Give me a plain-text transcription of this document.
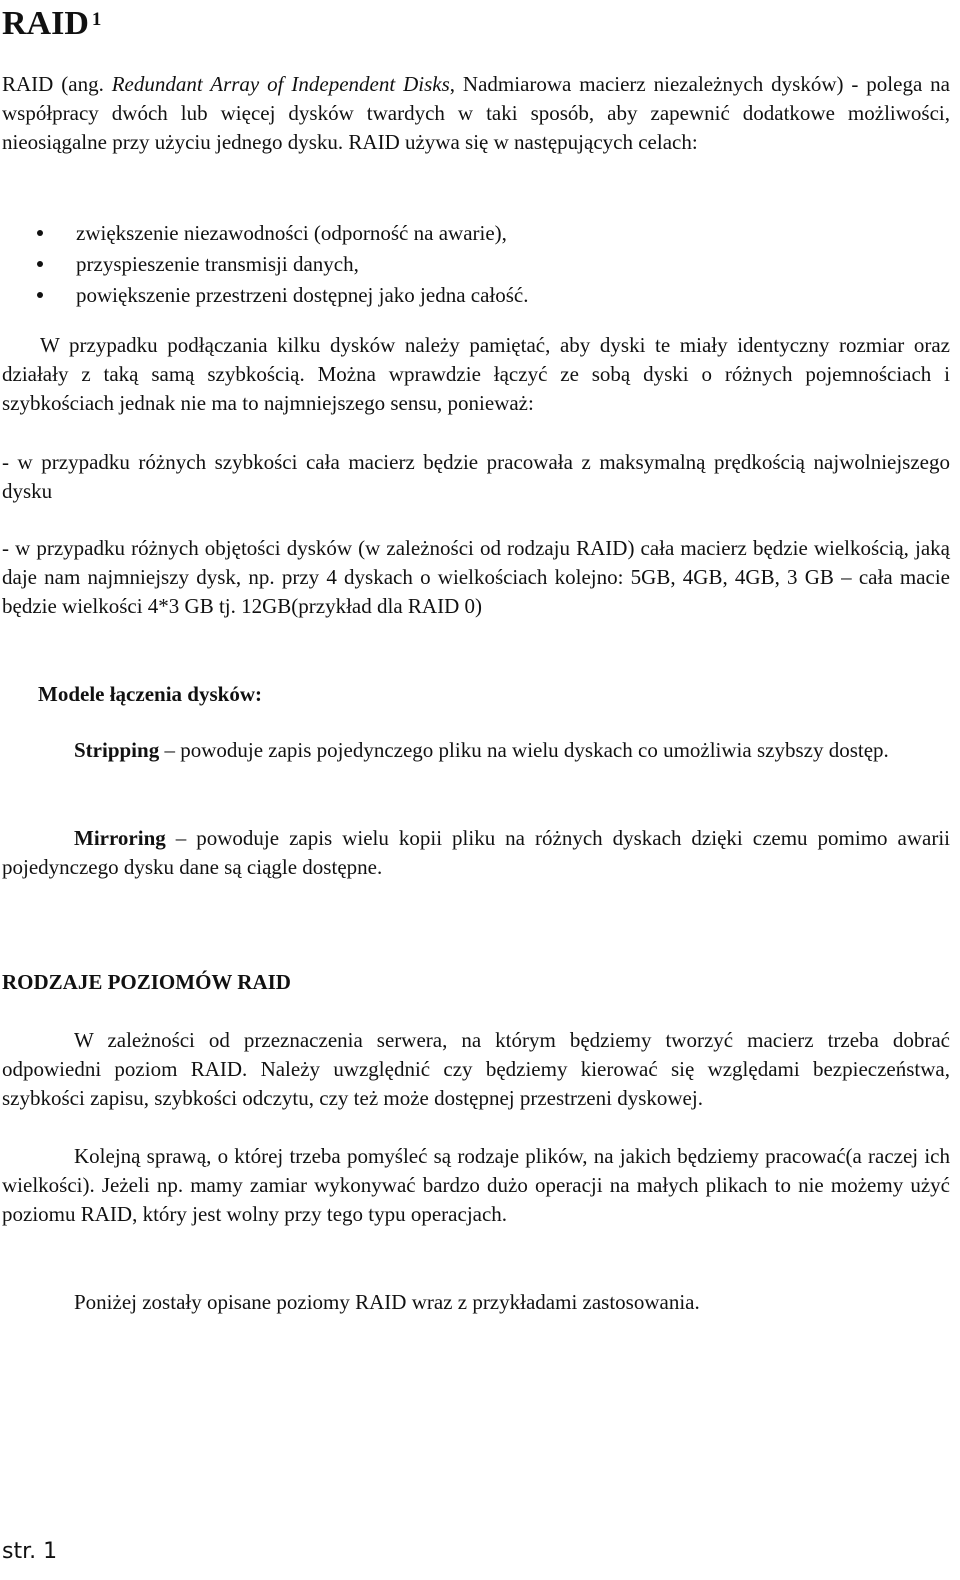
RAID $^1$

RAID (ang. Redundant Array of Independent Disks, Nadmiarowa macierz niezależnych dysków) - polega na współpracy dwóch lub więcej dysków twardych w taki sposób, aby zapewnić dodatkowe możliwości, nieosiągalne przy użyciu jednego dysku. RAID używa się w następujących celach:

zwiększenie niezawodności (odporność na awarie),
przyspieszenie transmisji danych,
powiększenie przestrzeni dostępnej jako jedna całość.

W przypadku podłączania kilku dysków należy pamiętać, aby dyski te miały identyczny rozmiar oraz działały z taką samą szybkością. Można wprawdzie łączyć ze sobą dyski o różnych pojemnościach i szybkościach jednak nie ma to najmniejszego sensu, ponieważ:

- w przypadku różnych szybkości cała macierz będzie pracowała z maksymalną prędkością najwolniejszego dysku

- w przypadku różnych objętości dysków (w zależności od rodzaju RAID) cała macierz będzie wielkością, jaką daje nam najmniejszy dysk, np. przy 4 dyskach o wielkościach kolejno: 5GB, 4GB, 4GB, 3 GB – cała macie będzie wielkości 4*3 GB tj. 12GB(przykład dla RAID 0)

Modele łączenia dysków:

Stripping – powoduje zapis pojedynczego pliku na wielu dyskach co umożliwia szybszy dostęp.

Mirroring – powoduje zapis wielu kopii pliku na różnych dyskach dzięki czemu pomimo awarii pojedynczego dysku dane są ciągle dostępne.

RODZAJE POZIOMÓW RAID

W zależności od przeznaczenia serwera, na którym będziemy tworzyć macierz trzeba dobrać odpowiedni poziom RAID. Należy uwzględnić czy będziemy kierować się względami bezpieczeństwa, szybkości zapisu, szybkości odczytu, czy też może dostępnej przestrzeni dyskowej.

Kolejną sprawą, o której trzeba pomyśleć są rodzaje plików, na jakich będziemy pracować(a raczej ich wielkości). Jeżeli np. mamy zamiar wykonywać bardzo dużo operacji na małych plikach to nie możemy użyć poziomu RAID, który jest wolny przy tego typu operacjach.

Poniżej zostały opisane poziomy RAID wraz z przykładami zastosowania.

str. 1
